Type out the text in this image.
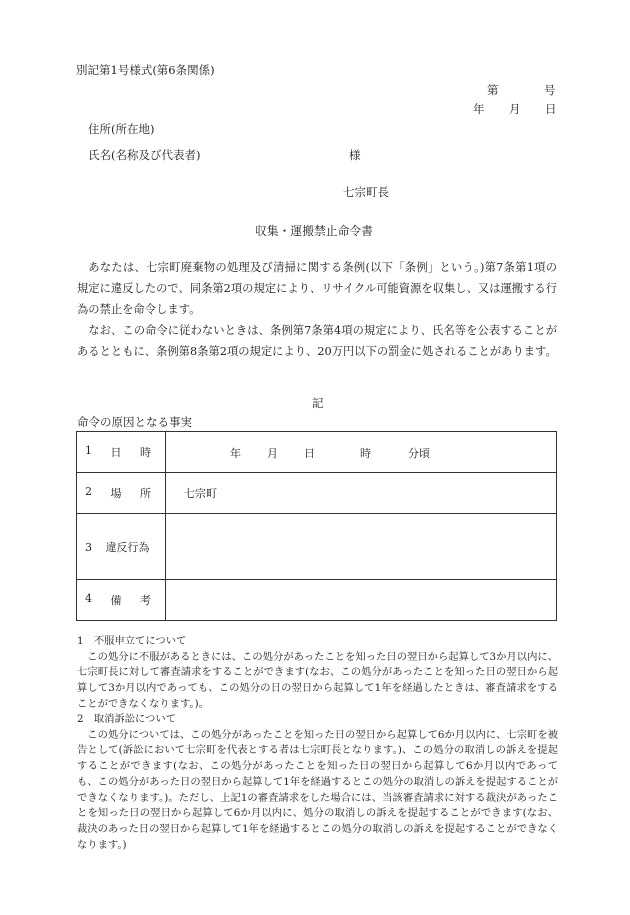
別記第1号様式(第6条関係)
第	号
年 月 日
住所(所在地)
氏名(名称及び代表者)	様
七宗町長
収集・運搬禁止命令書
あなたは、七宗町廃棄物の処理及び清掃に関する条例(以下「条例」という。)第7条第1項の規定に違反したので、同条第2項の規定により、リサイクル可能資源を収集し、又は運搬する行為の禁止を命令します。
なお、この命令に従わないときは、条例第7条第4項の規定により、氏名等を公表することがあるとともに、条例第8条第2項の規定により、20万円以下の罰金に処されることがあります。
記
命令の原因となる事実
1 日 時	年 月 日 時 分頃

2 場 所	七宗町
3 違反行為	

4 備 考	

1　不服申立てについて
この処分に不服があるときには、この処分があったことを知った日の翌日から起算して3か月以内に、七宗町長に対して審査請求をすることができます(なお、この処分があったことを知った日の翌日から起算して3か月以内であっても、この処分の日の翌日から起算して1年を経過したときは、審査請求をすることができなくなります。)。
2　取消訴訟について
この処分については、この処分があったことを知った日の翌日から起算して6か月以内に、七宗町を被告として(訴訟において七宗町を代表とする者は七宗町長となります。)、この処分の取消しの訴えを提起することができます(なお、この処分があったことを知った日の翌日から起算して6か月以内であっても、この処分があった日の翌日から起算して1年を経過するとこの処分の取消しの訴えを提起することができなくなります。)。ただし、上記1の審査請求をした場合には、当該審査請求に対する裁決があったことを知った日の翌日から起算して6か月以内に、処分の取消しの訴えを提起することができます(なお、裁決のあった日の翌日から起算して1年を経過するとこの処分の取消しの訴えを提起することができなくなります。)
